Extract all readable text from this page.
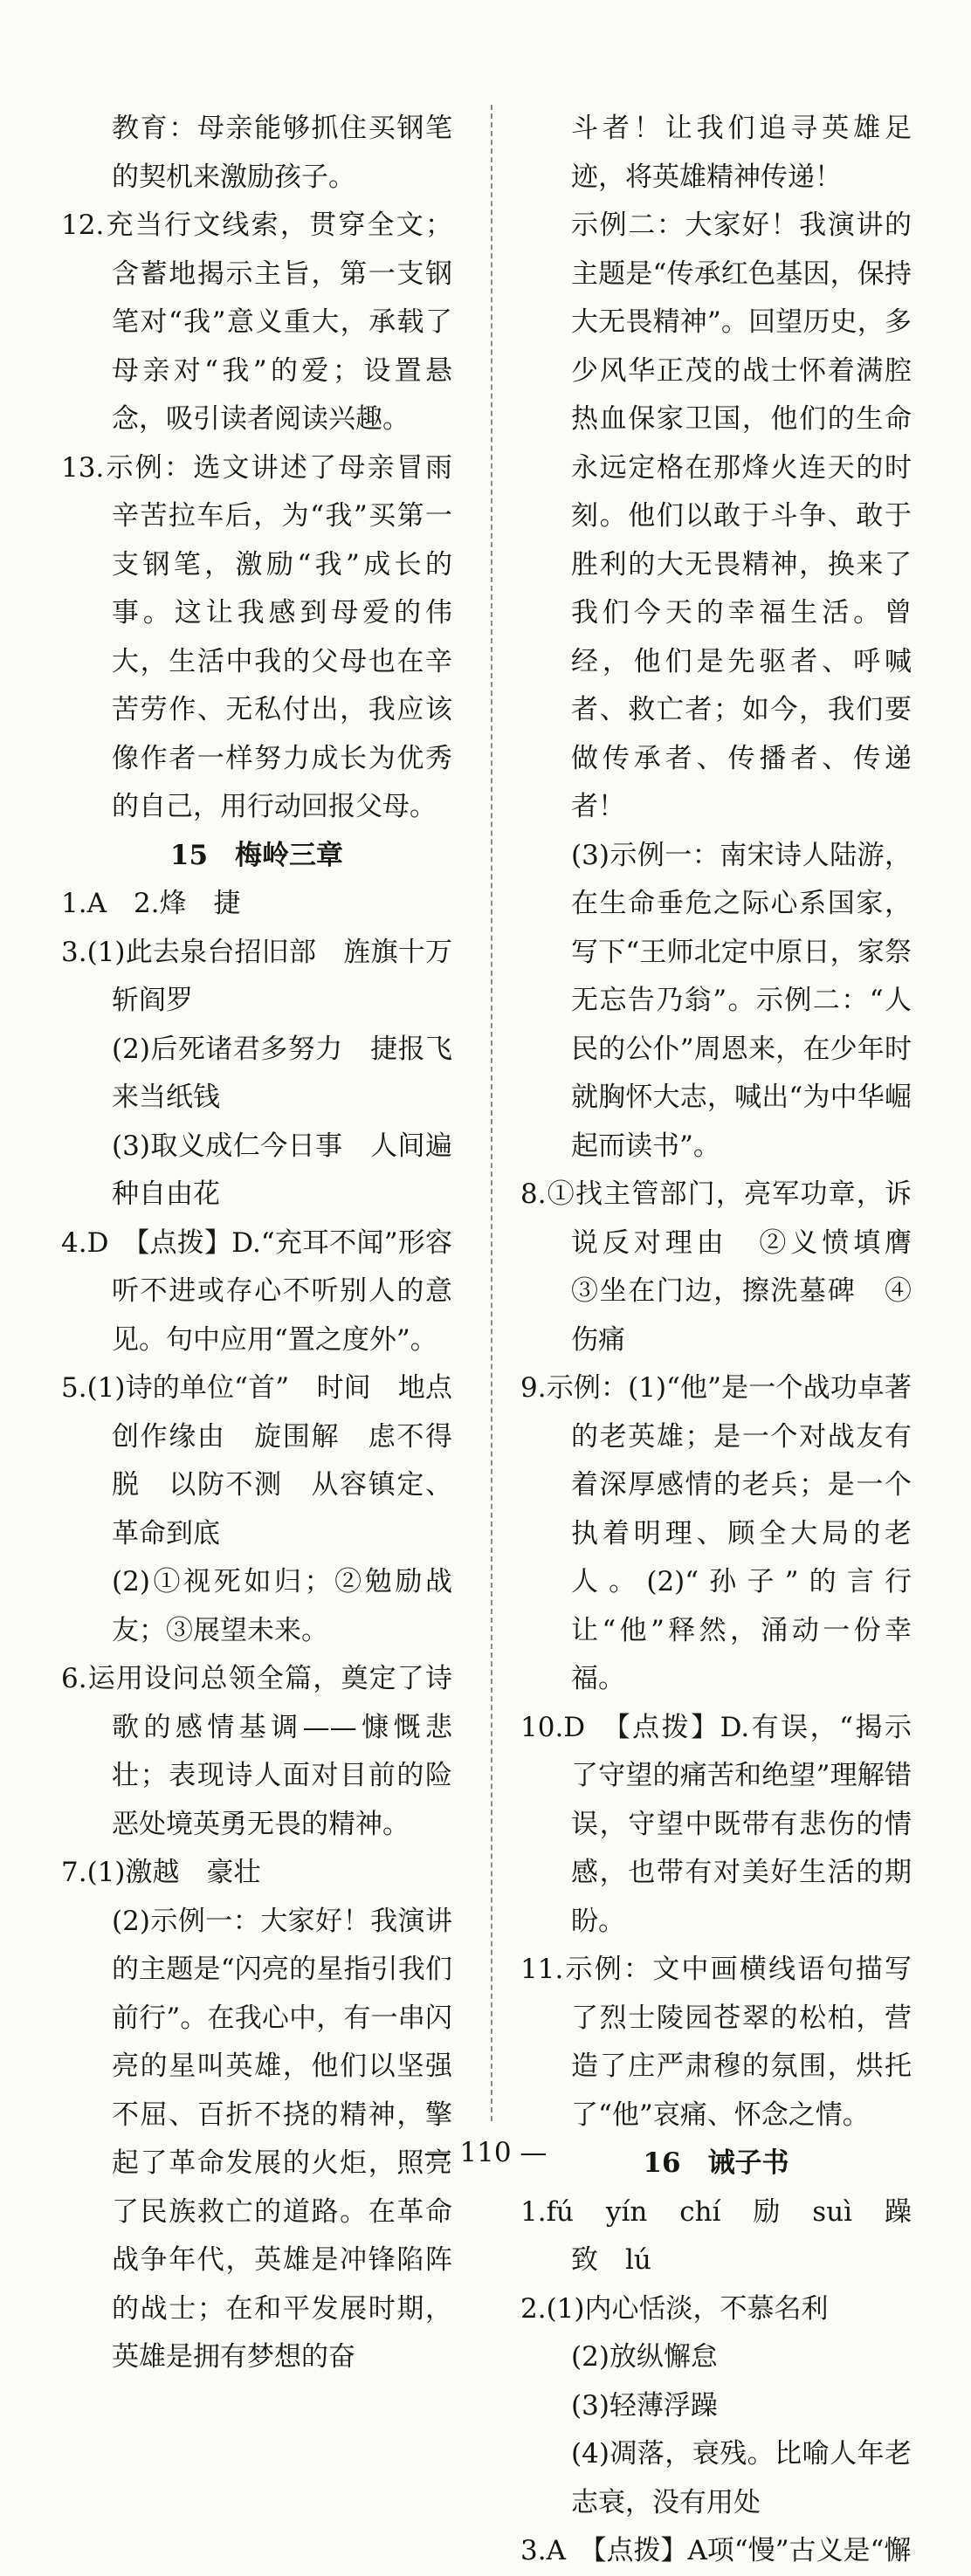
教育：母亲能够抓住买钢笔的契机来激励孩子。

12.充当行文线索，贯穿全文；含蓄地揭示主旨，第一支钢笔对“我”意义重大，承载了母亲对“我”的爱；设置悬念，吸引读者阅读兴趣。

13.示例：选文讲述了母亲冒雨辛苦拉车后，为“我”买第一支钢笔，激励“我”成长的事。这让我感到母爱的伟大，生活中我的父母也在辛苦劳作、无私付出，我应该像作者一样努力成长为优秀的自己，用行动回报父母。

15　梅岭三章

1.A　2.烽　捷

3.(1)此去泉台招旧部　旌旗十万斩阎罗

(2)后死诸君多努力　捷报飞来当纸钱

(3)取义成仁今日事　人间遍种自由花

4.D　【点拨】D.“充耳不闻”形容听不进或存心不听别人的意见。句中应用“置之度外”。

5.(1)诗的单位“首”　时间　地点　创作缘由　旋围解　虑不得脱　以防不测　从容镇定、革命到底

(2)①视死如归；②勉励战友；③展望未来。

6.运用设问总领全篇，奠定了诗歌的感情基调——慷慨悲壮；表现诗人面对目前的险恶处境英勇无畏的精神。

7.(1)激越　豪壮

(2)示例一：大家好！我演讲的主题是“闪亮的星指引我们前行”。在我心中，有一串闪亮的星叫英雄，他们以坚强不屈、百折不挠的精神，擎起了革命发展的火炬，照亮了民族救亡的道路。在革命战争年代，英雄是冲锋陷阵的战士；在和平发展时期，英雄是拥有梦想的奋

斗者！让我们追寻英雄足迹，将英雄精神传递！

示例二：大家好！我演讲的主题是“传承红色基因，保持大无畏精神”。回望历史，多少风华正茂的战士怀着满腔热血保家卫国，他们的生命永远定格在那烽火连天的时刻。他们以敢于斗争、敢于胜利的大无畏精神，换来了我们今天的幸福生活。曾经，他们是先驱者、呼喊者、救亡者；如今，我们要做传承者、传播者、传递者！

(3)示例一：南宋诗人陆游，在生命垂危之际心系国家，写下“王师北定中原日，家祭无忘告乃翁”。示例二：“人民的公仆”周恩来，在少年时就胸怀大志，喊出“为中华崛起而读书”。

8.①找主管部门，亮军功章，诉说反对理由　②义愤填膺　③坐在门边，擦洗墓碑　④伤痛

9.示例：(1)“他”是一个战功卓著的老英雄；是一个对战友有着深厚感情的老兵；是一个执着明理、顾全大局的老人。(2)“孙子”的言行让“他”释然，涌动一份幸福。

10.D　【点拨】D.有误，“揭示了守望的痛苦和绝望”理解错误，守望中既带有悲伤的情感，也带有对美好生活的期盼。

11.示例：文中画横线语句描写了烈士陵园苍翠的松柏，营造了庄严肃穆的氛围，烘托了“他”哀痛、怀念之情。

16　诫子书

1.fú　yín　chí　励　suì　躁　致　lú

2.(1)内心恬淡，不慕名利

(2)放纵懈怠

(3)轻薄浮躁

(4)凋落，衰残。比喻人年老志衰，没有用处

3.A　【点拨】A项“慢”古义是“懈

— 110 —
